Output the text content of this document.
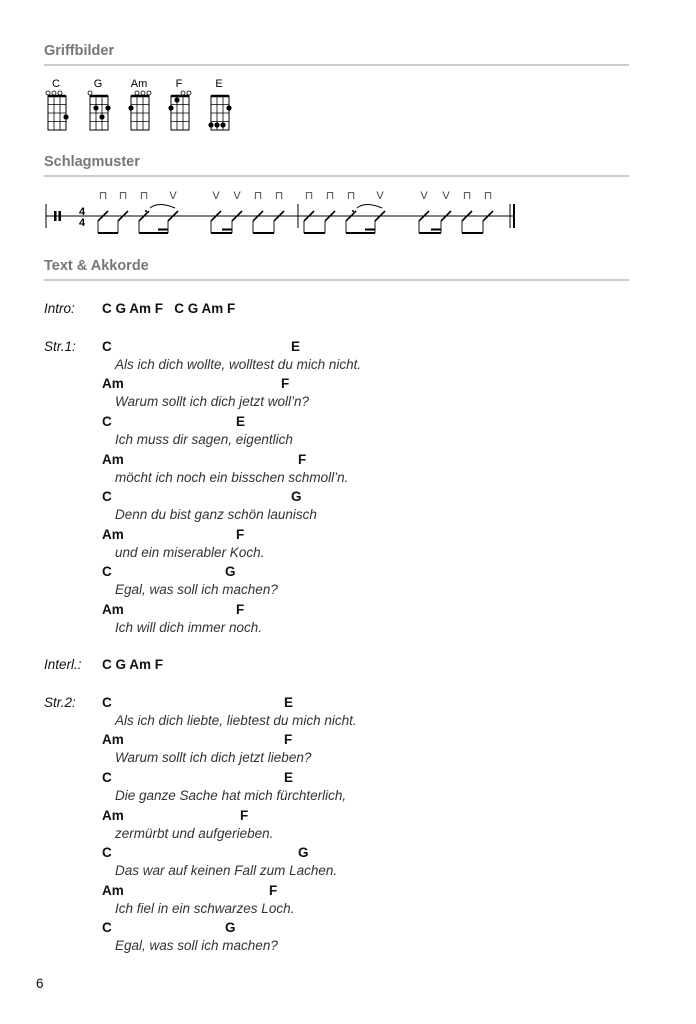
Griffbilder
C	G	Am	F	E
Schlagmuster
4
4
⊓ ⊓ ⊓ V	V V ⊓ ⊓ ⊓ ⊓ ⊓ V	V V ⊓ ⊓
Text & Akkorde
Intro: C G Am F   C G Am F
Str.1: C	E
Als ich dich wollte, wolltest du mich nicht.
Am	F
Warum sollt ich dich jetzt woll’n?
C	E
Ich muss dir sagen, eigentlich
Am	F
möcht ich noch ein bisschen schmoll’n.
C	G
Denn du bist ganz schön launisch
Am	F
und ein miserabler Koch.
C	G
Egal, was soll ich machen?
Am	F
Ich will dich immer noch.
Interl.: C G Am F
Str.2: C	E
Als ich dich liebte, liebtest du mich nicht.
Am	F
Warum sollt ich dich jetzt lieben?
C	E
Die ganze Sache hat mich fürchterlich,
Am	F
zermürbt und aufgerieben.
C	G
Das war auf keinen Fall zum Lachen.
Am	F
Ich fiel in ein schwarzes Loch.
C	G
Egal, was soll ich machen?
6
